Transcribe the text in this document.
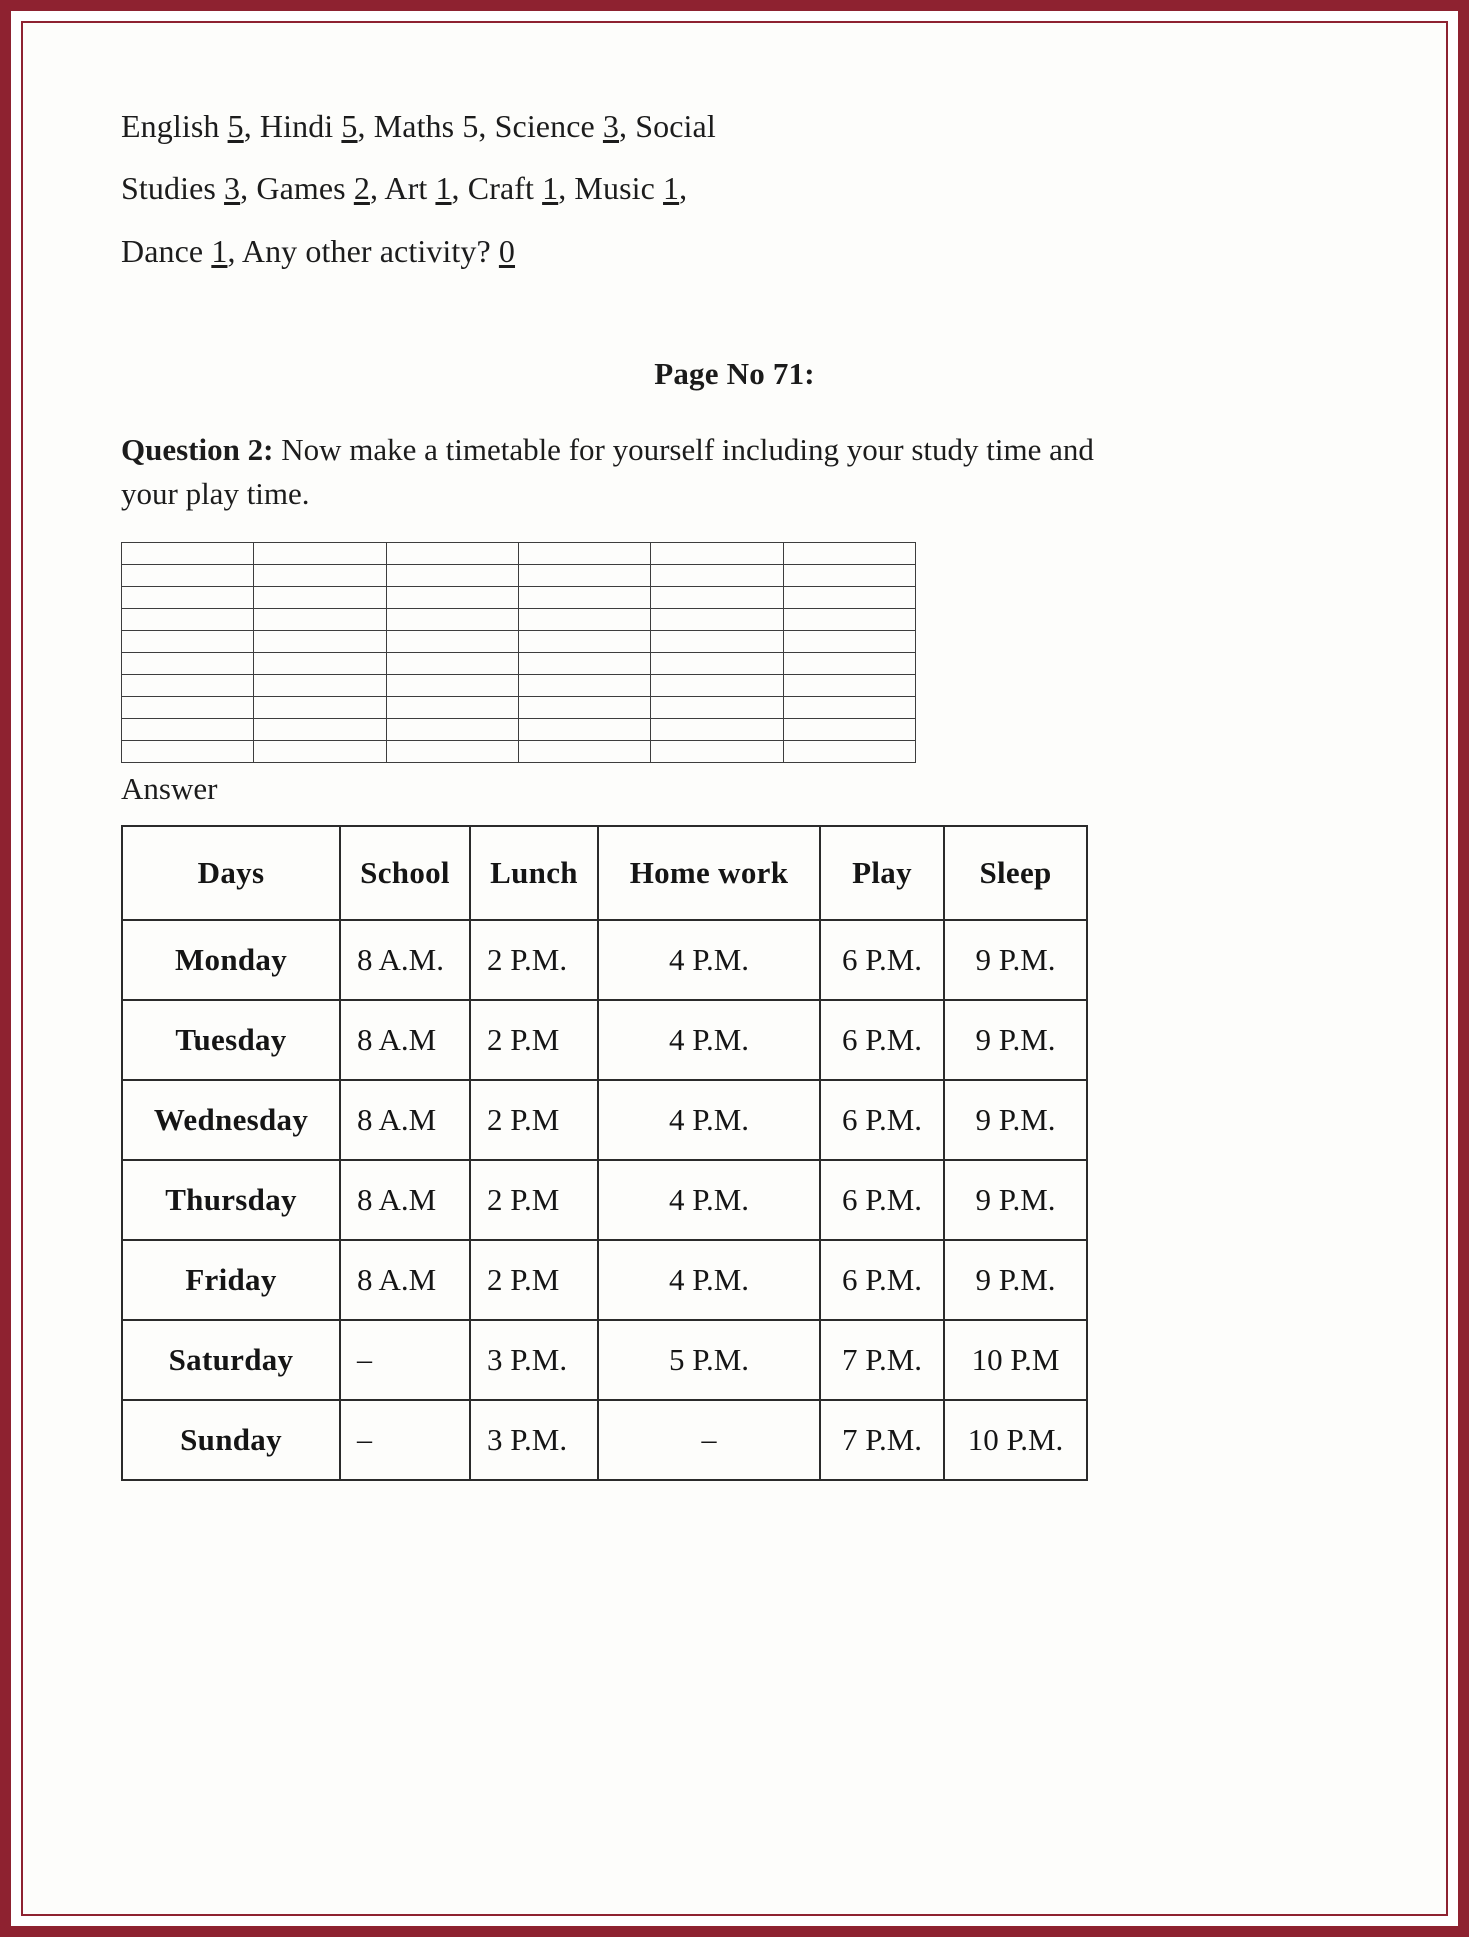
English 5, Hindi 5, Maths 5, Science 3, Social
Studies 3, Games 2, Art 1, Craft 1, Music 1,
Dance 1, Any other activity? 0
Page No 71:
Question 2: Now make a timetable for yourself including your study time and your play time.

Answer
Days	School	Lunch	Home work	Play	Sleep
Monday	8 A.M.	2 P.M.	4 P.M.	6 P.M.	9 P.M.
Tuesday	8 A.M	2 P.M	4 P.M.	6 P.M.	9 P.M.
Wednesday	8 A.M	2 P.M	4 P.M.	6 P.M.	9 P.M.
Thursday	8 A.M	2 P.M	4 P.M.	6 P.M.	9 P.M.
Friday	8 A.M	2 P.M	4 P.M.	6 P.M.	9 P.M.
Saturday	–	3 P.M.	5 P.M.	7 P.M.	10 P.M
Sunday	–	3 P.M.	–	7 P.M.	10 P.M.
